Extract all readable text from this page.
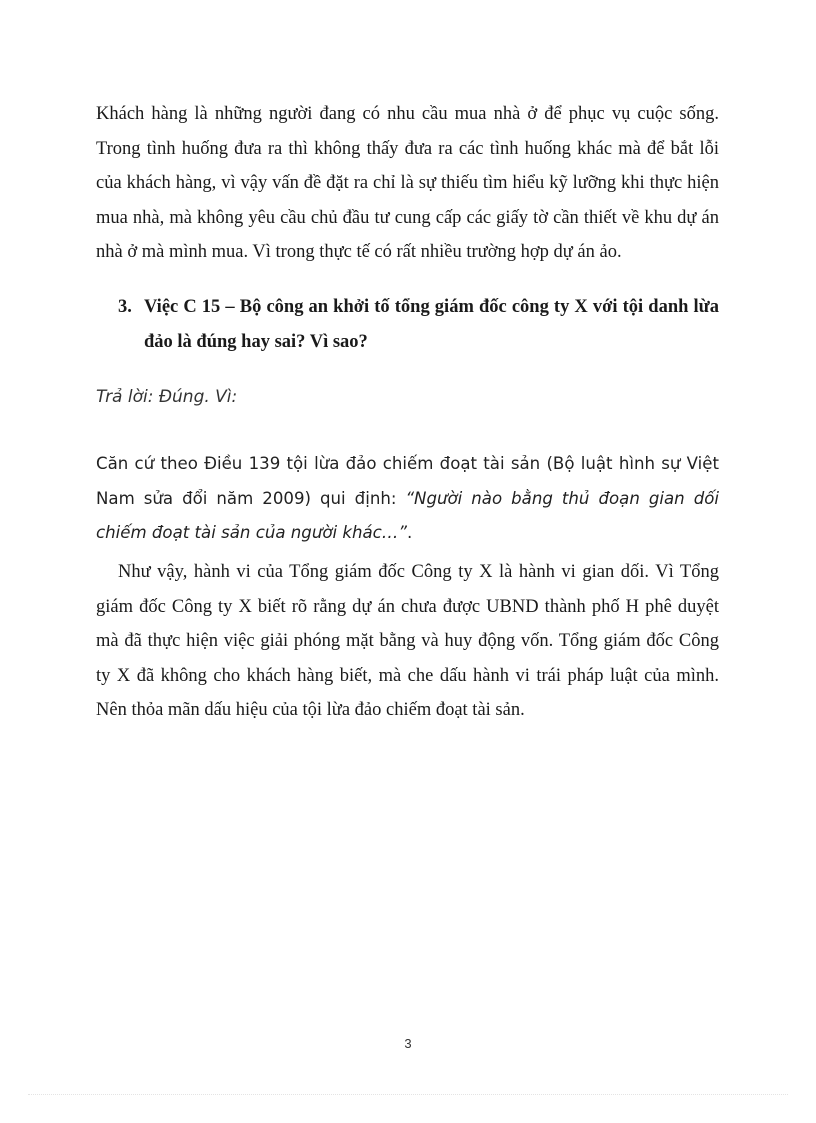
Khách hàng là những người đang có nhu cầu mua nhà ở để phục vụ cuộc sống. Trong tình huống đưa ra thì không thấy đưa ra các tình huống khác mà để bắt lỗi của khách hàng, vì vậy vấn đề đặt ra chỉ là sự thiếu tìm hiểu kỹ lưỡng khi thực hiện mua nhà, mà không yêu cầu chủ đầu tư cung cấp các giấy tờ cần thiết về khu dự án nhà ở mà mình mua. Vì trong thực tế có rất nhiều trường hợp dự án ảo.

3. Việc C 15 – Bộ công an khởi tố tổng giám đốc công ty X với tội danh lừa đảo là đúng hay sai? Vì sao?

Trả lời: Đúng. Vì:

Căn cứ theo Điều 139 tội lừa đảo chiếm đoạt tài sản (Bộ luật hình sự Việt Nam sửa đổi năm 2009) qui định: “Người nào bằng thủ đoạn gian dối chiếm đoạt tài sản của người khác…”.

Như vậy, hành vi của Tổng giám đốc Công ty X là hành vi gian dối. Vì Tổng giám đốc Công ty X biết rõ rằng dự án chưa được UBND thành phố H phê duyệt mà đã thực hiện việc giải phóng mặt bằng và huy động vốn. Tổng giám đốc Công ty X đã không cho khách hàng biết, mà che dấu hành vi trái pháp luật của mình. Nên thỏa mãn dấu hiệu của tội lừa đảo chiếm đoạt tài sản.

3
